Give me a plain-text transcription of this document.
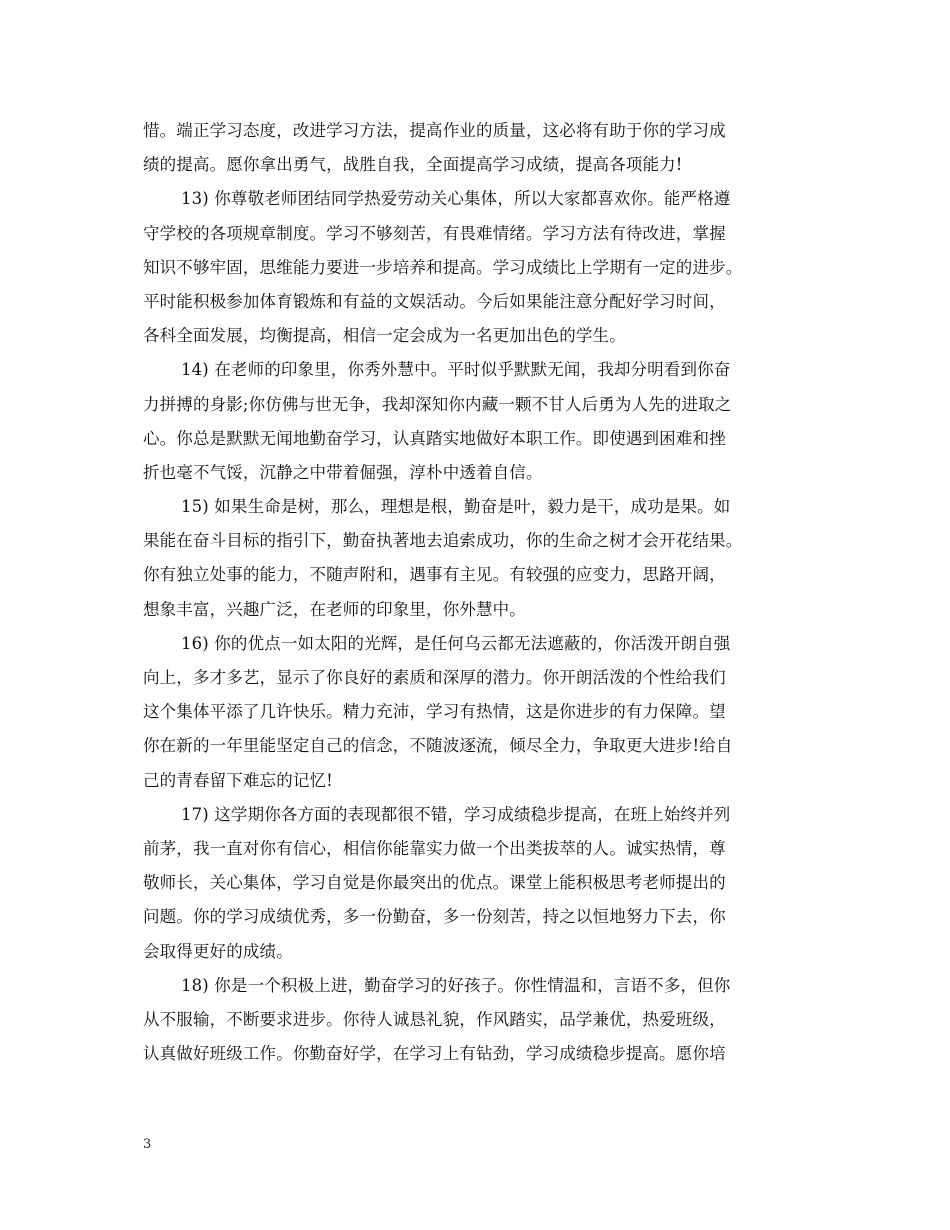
惜。端正学习态度，改进学习方法，提高作业的质量，这必将有助于你的学习成
绩的提高。愿你拿出勇气，战胜自我，全面提高学习成绩，提高各项能力!
13) 你尊敬老师团结同学热爱劳动关心集体，所以大家都喜欢你。能严格遵
守学校的各项规章制度。学习不够刻苦，有畏难情绪。学习方法有待改进，掌握
知识不够牢固，思维能力要进一步培养和提高。学习成绩比上学期有一定的进步。
平时能积极参加体育锻炼和有益的文娱活动。今后如果能注意分配好学习时间，
各科全面发展，均衡提高，相信一定会成为一名更加出色的学生。
14) 在老师的印象里，你秀外慧中。平时似乎默默无闻，我却分明看到你奋
力拼搏的身影;你仿佛与世无争，我却深知你内藏一颗不甘人后勇为人先的进取之
心。你总是默默无闻地勤奋学习，认真踏实地做好本职工作。即使遇到困难和挫
折也毫不气馁，沉静之中带着倔强，淳朴中透着自信。
15) 如果生命是树，那么，理想是根，勤奋是叶，毅力是干，成功是果。如
果能在奋斗目标的指引下，勤奋执著地去追索成功，你的生命之树才会开花结果。
你有独立处事的能力，不随声附和，遇事有主见。有较强的应变力，思路开阔，
想象丰富，兴趣广泛，在老师的印象里，你外慧中。
16) 你的优点一如太阳的光辉，是任何乌云都无法遮蔽的，你活泼开朗自强
向上，多才多艺，显示了你良好的素质和深厚的潜力。你开朗活泼的个性给我们
这个集体平添了几许快乐。精力充沛，学习有热情，这是你进步的有力保障。望
你在新的一年里能坚定自己的信念，不随波逐流，倾尽全力，争取更大进步!给自
己的青春留下难忘的记忆!
17) 这学期你各方面的表现都很不错，学习成绩稳步提高，在班上始终并列
前茅，我一直对你有信心，相信你能靠实力做一个出类拔萃的人。诚实热情，尊
敬师长，关心集体，学习自觉是你最突出的优点。课堂上能积极思考老师提出的
问题。你的学习成绩优秀，多一份勤奋，多一份刻苦，持之以恒地努力下去，你
会取得更好的成绩。
18) 你是一个积极上进，勤奋学习的好孩子。你性情温和，言语不多，但你
从不服输，不断要求进步。你待人诚恳礼貌，作风踏实，品学兼优，热爱班级，
认真做好班级工作。你勤奋好学，在学习上有钻劲，学习成绩稳步提高。愿你培
3
